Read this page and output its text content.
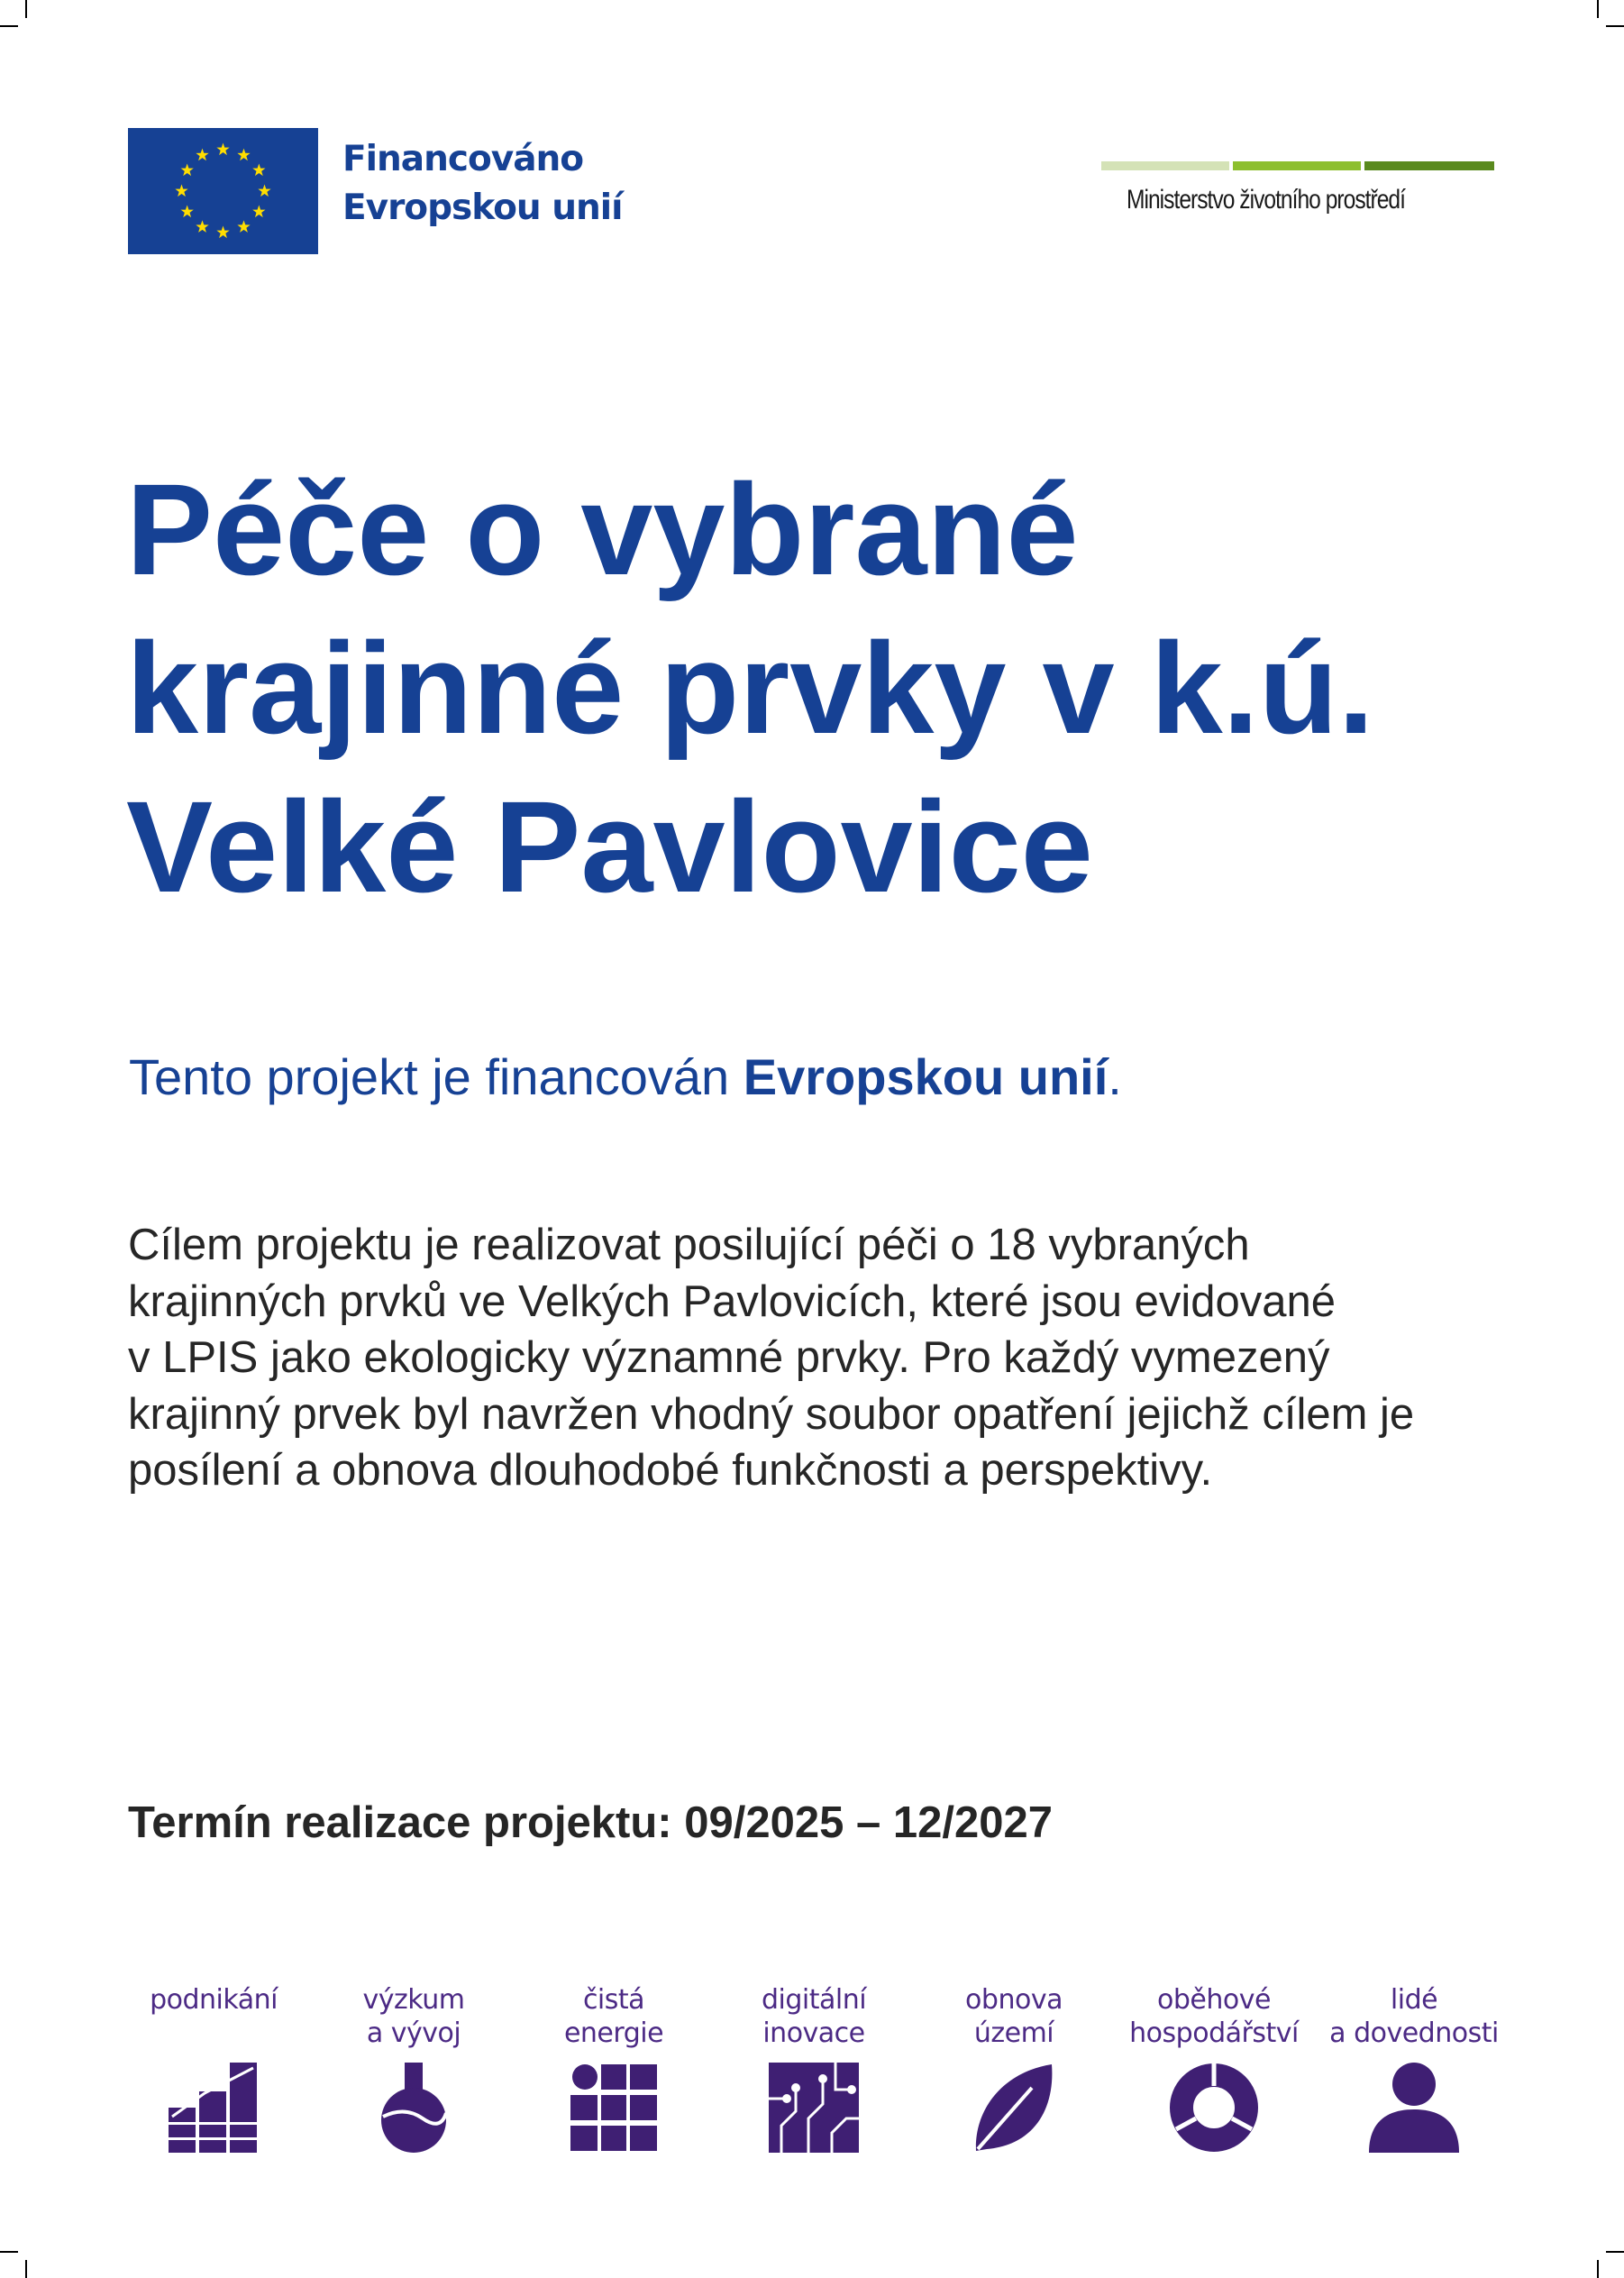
Financováno
Evropskou unií	Ministerstvo životního prostředí
Péče o vybrané
krajinné prvky v k.ú.
Velké Pavlovice

Tento projekt je financován Evropskou unií.

Cílem projektu je realizovat posilující péči o 18 vybraných
krajinných prvků ve Velkých Pavlovicích, které jsou evidované
v LPIS jako ekologicky významné prvky. Pro každý vymezený
krajinný prvek byl navržen vhodný soubor opatření jejichž cílem je
posílení a obnova dlouhodobé funkčnosti a perspektivy.

Termín realizace projektu: 09/2025 – 12/2027

podnikání	výzkum
a vývoj
čistá
energie
digitální
inovace
obnova
území
oběhové
hospodářství
lidé
a dovednosti
